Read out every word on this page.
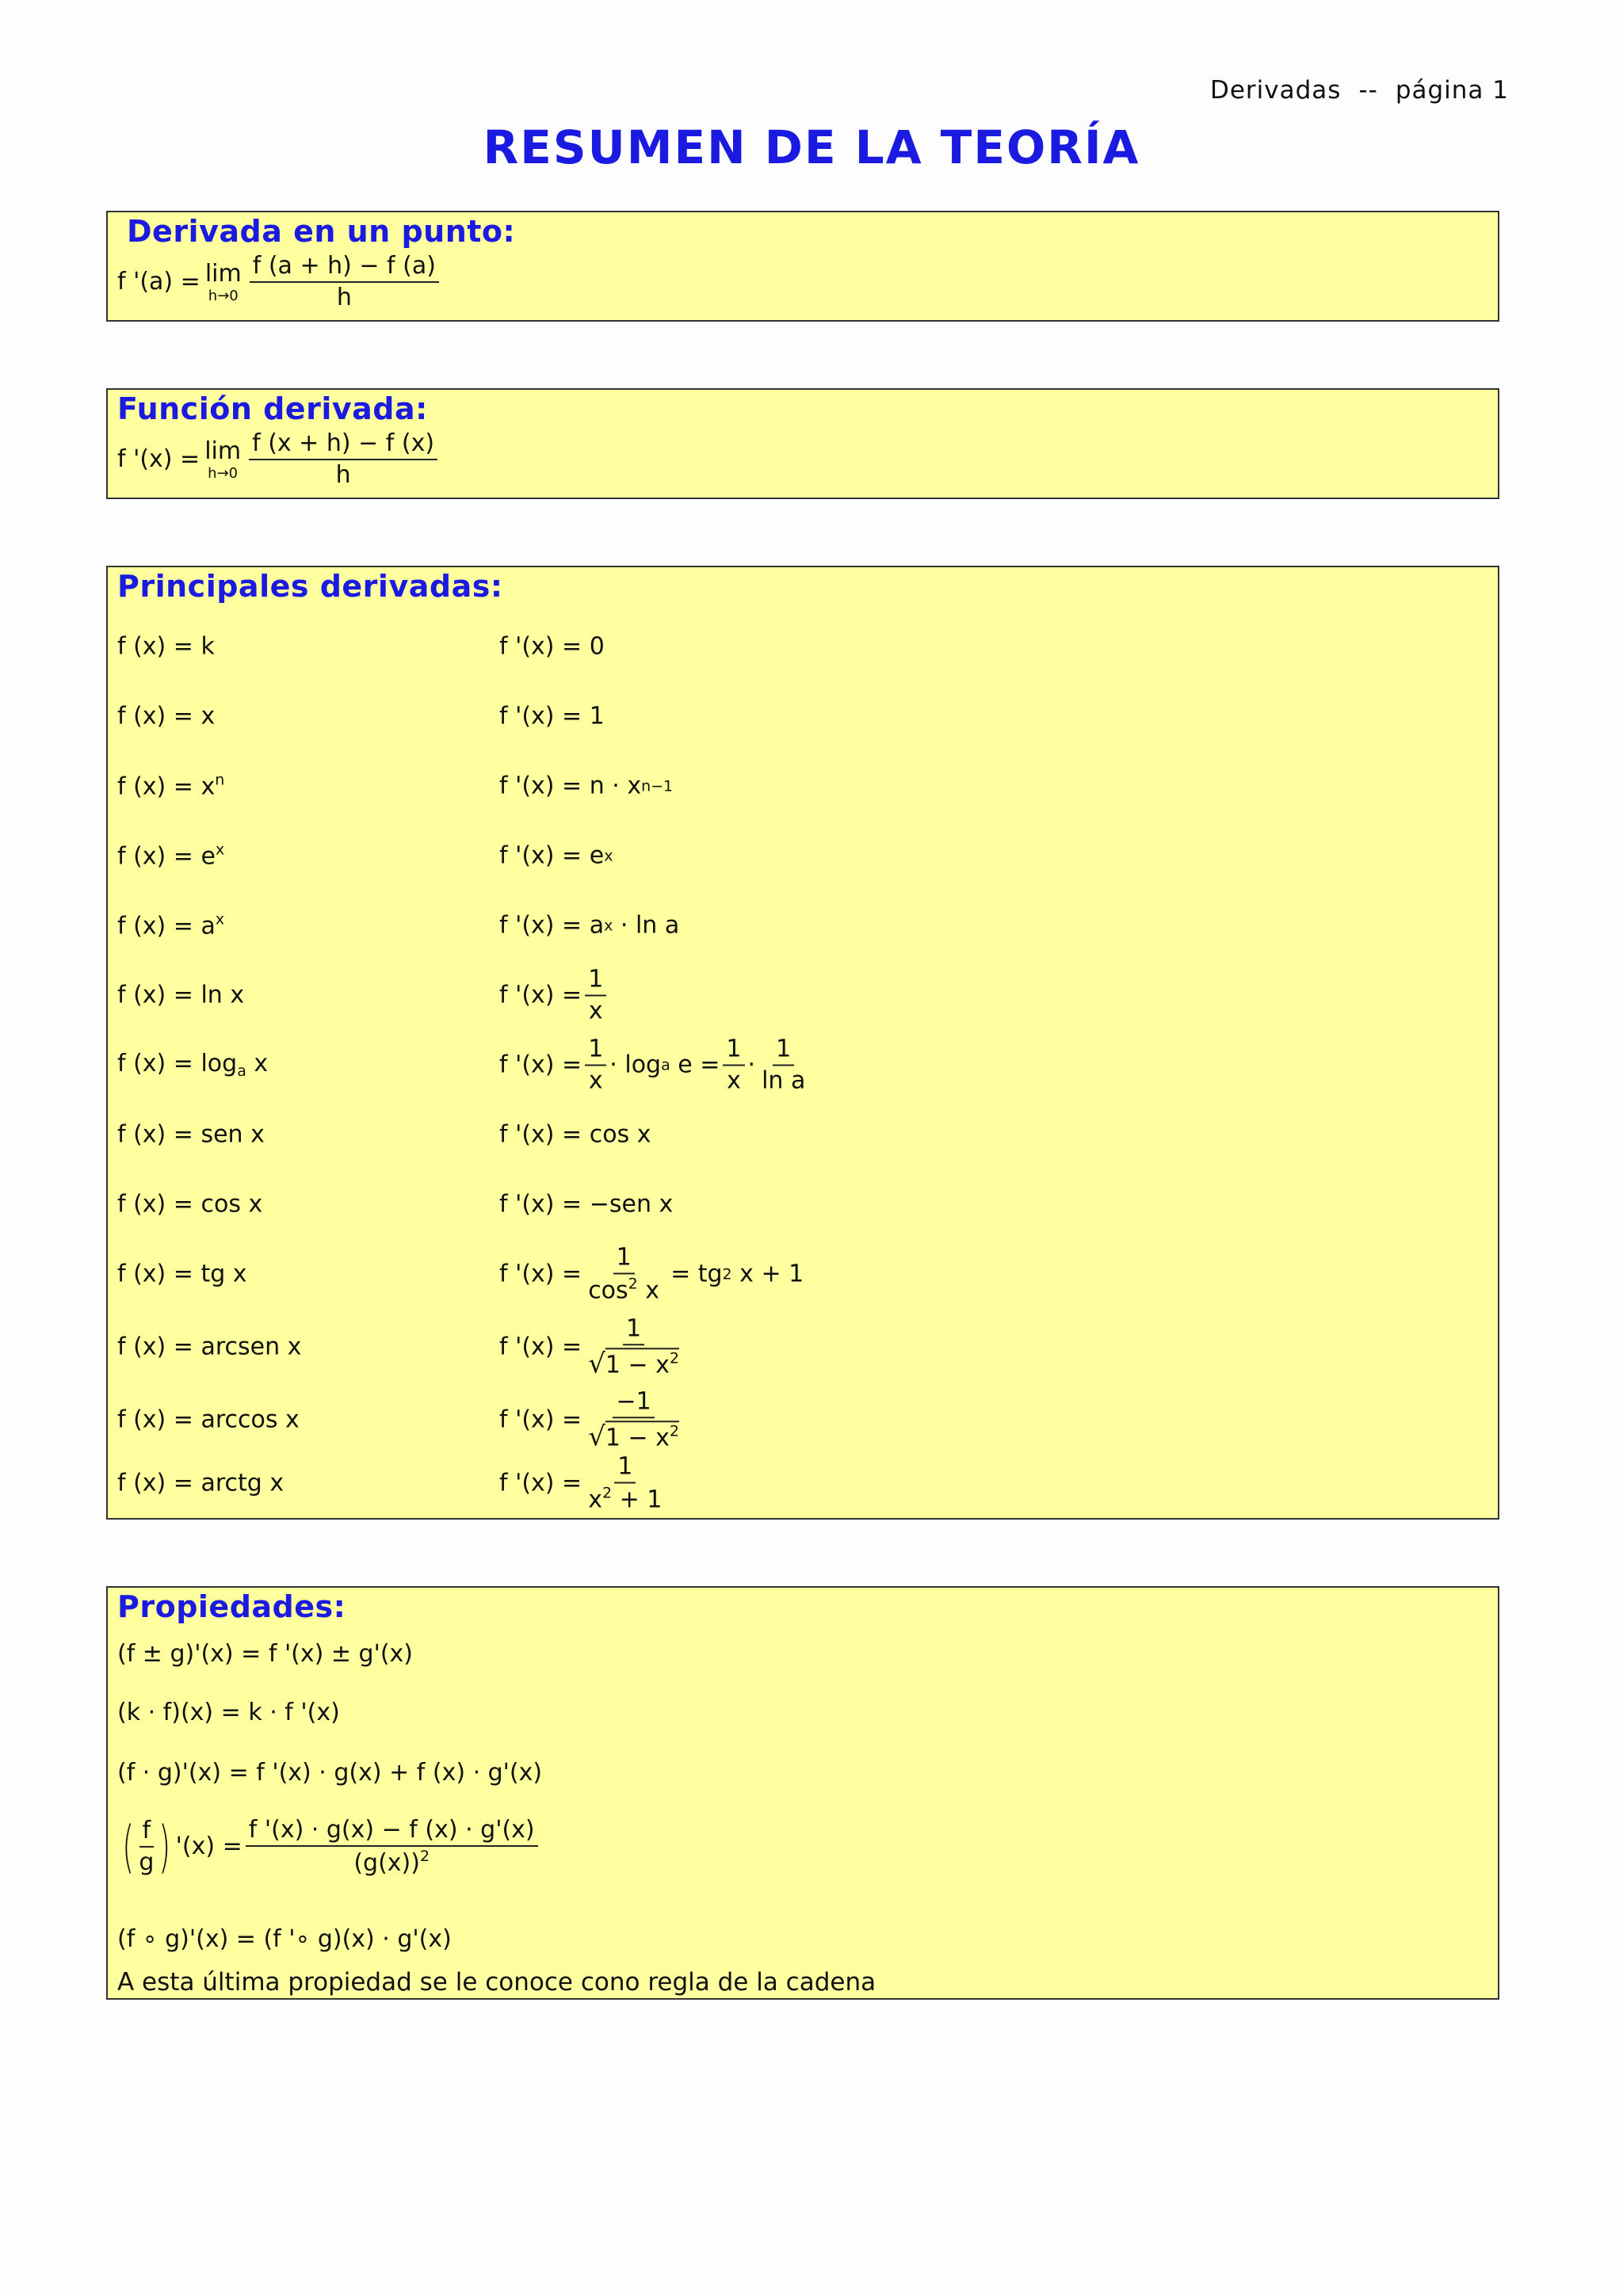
Derivadas -- página 1
RESUMEN DE LA TEORÍA
Derivada en un punto:
f '(a) = lim
$h\to 0 \frac{f (a + h) - f (a)}{h}$
Función derivada:
f '(x) = lim
$h\to 0 \frac{f (x + h) - f (x)}{h}$
Principales derivadas:
f (x) = k	f '(x) = 0
f (x) = x	f '(x) = 1
f $(x) = x^n$	f '(x) = n · x n−1
f $(x) = e^x$	f '(x) = e x
f $(x) = a^x$	f '(x) = a x · ln a
f (x) = ln x	f '$(x) = \frac{1}{x}$
f $(x) = \log_a x$	f '$(x) = \frac{1}{x} \cdot \log a$ $e = \frac{1}{x} \cdot \frac{1}{\text{ln a}}$
f (x) = sen x	f '(x) = cos x
f (x) = cos x	f '(x) = −sen x
f (x) = tg x	f '$(x) = \frac{1}{\cos^2 x}$ = tg 2 x + 1
f (x) = arcsen x	f '$(x) = \frac{1}{√ 1 - x^2}$
f (x) = arccos x	f '$(x) = \frac{-1}{√ 1 - x^2}$
f (x) = arctg x	f '$(x) = \frac{1}{x^2 + 1}$
Propiedades:
(f ± g)'(x) = f '(x) ± g'(x)
(k · f)(x) = k · f '(x)
(f · g)'(x) = f '(x) · g(x) + f (x) · g'(x)
( $\frac{f}{g}$ ) '$(x) = \frac{f '(x) \cdot g(x) - f (x) \cdot g'(x)}{(g(x))^2}$
(f ∘ g)'(x) = (f '∘ g)(x) · g'(x)
A esta última propiedad se le conoce cono regla de la cadena
